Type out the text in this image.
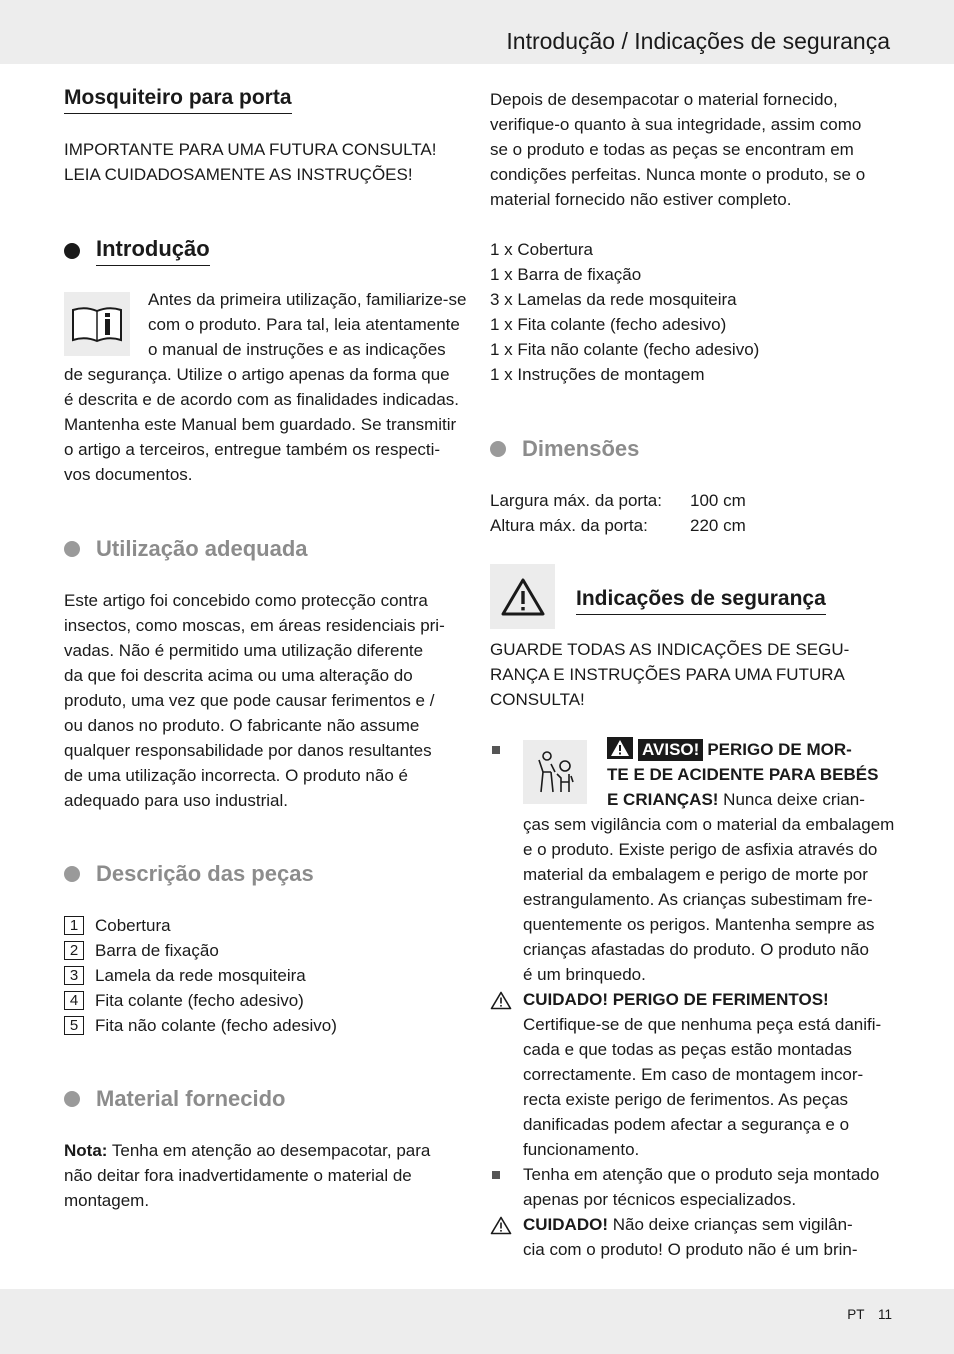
Introdução / Indicações de segurança
PT 11
Mosquiteiro para porta
IMPORTANTE PARA UMA FUTURA CONSULTA!
LEIA CUIDADOSAMENTE AS INSTRUÇÕES!
Introdução
Antes da primeira utilização, familiarize-se
com o produto. Para tal, leia atentamente
o manual de instruções e as indicações
de segurança. Utilize o artigo apenas da forma que
é descrita e de acordo com as finalidades indicadas.
Mantenha este Manual bem guardado. Se transmitir
o artigo a terceiros, entregue também os respecti-
vos documentos.
Utilização adequada
Este artigo foi concebido como protecção contra
insectos, como moscas, em áreas residenciais pri-
vadas. Não é permitido uma utilização diferente
da que foi descrita acima ou uma alteração do
produto, uma vez que pode causar ferimentos e /
ou danos no produto. O fabricante não assume
qualquer responsabilidade por danos resultantes
de uma utilização incorrecta. O produto não é
adequado para uso industrial.
Descrição das peças
1 Cobertura
2 Barra de fixação
3 Lamela da rede mosquiteira
4 Fita colante (fecho adesivo)
5 Fita não colante (fecho adesivo)
Material fornecido
Nota: Tenha em atenção ao desempacotar, para
não deitar fora inadvertidamente o material de
montagem.
Depois de desempacotar o material fornecido,
verifique-o quanto à sua integridade, assim como
se o produto e todas as peças se encontram em
condições perfeitas. Nunca monte o produto, se o
material fornecido não estiver completo.
1 x Cobertura
1 x Barra de fixação
3 x Lamelas da rede mosquiteira
1 x Fita colante (fecho adesivo)
1 x Fita não colante (fecho adesivo)
1 x Instruções de montagem
Dimensões
Largura máx. da porta:	100 cm
Altura máx. da porta:	220 cm
Indicações de segurança
GUARDE TODAS AS INDICAÇÕES DE SEGU-
RANÇA E INSTRUÇÕES PARA UMA FUTURA
CONSULTA!
AVISO! PERIGO DE MOR-
TE E DE ACIDENTE PARA BEBÉS
E CRIANÇAS! Nunca deixe crian-
ças sem vigilância com o material da embalagem
e o produto. Existe perigo de asfixia através do
material da embalagem e perigo de morte por
estrangulamento. As crianças subestimam fre-
quentemente os perigos. Mantenha sempre as
crianças afastadas do produto. O produto não
é um brinquedo.
CUIDADO! PERIGO DE FERIMENTOS!
Certifique-se de que nenhuma peça está danifi-
cada e que todas as peças estão montadas
correctamente. Em caso de montagem incor-
recta existe perigo de ferimentos. As peças
danificadas podem afectar a segurança e o
funcionamento.
Tenha em atenção que o produto seja montado
apenas por técnicos especializados.
CUIDADO! Não deixe crianças sem vigilân-
cia com o produto! O produto não é um brin-
